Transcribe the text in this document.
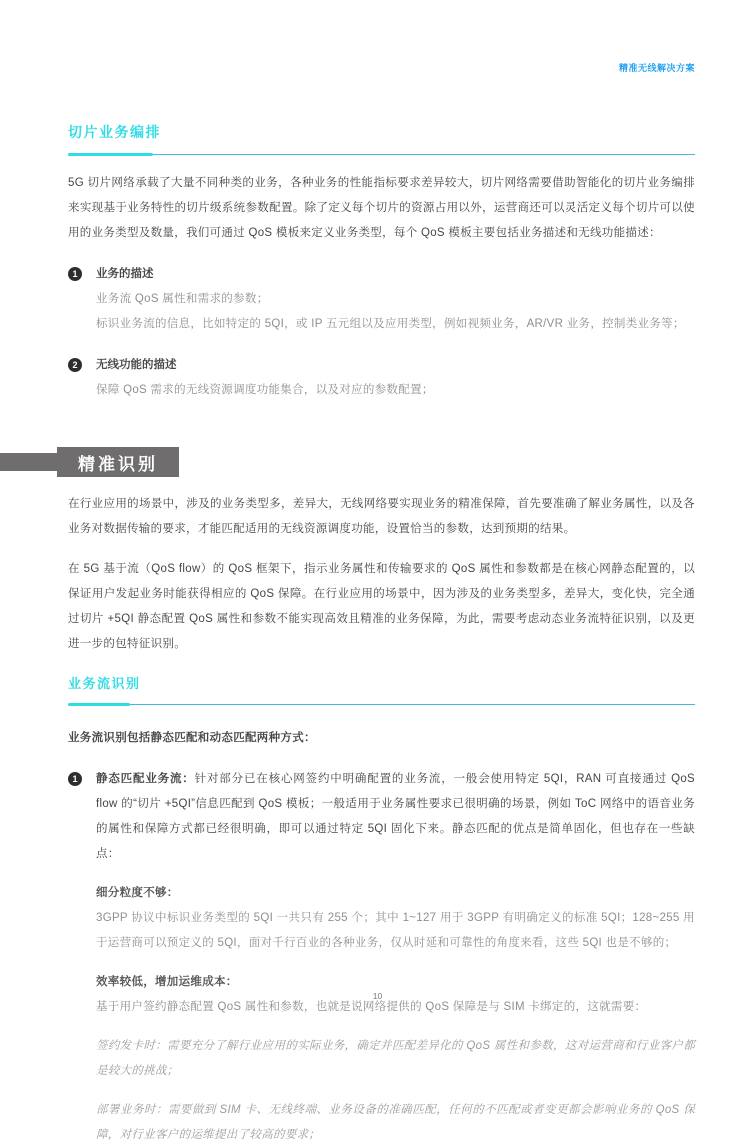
精准无线解决方案
切片业务编排

5G 切片网络承载了大量不同种类的业务，各种业务的性能指标要求差异较大，切片网络需要借助智能化的切片业务编排来实现基于业务特性的切片级系统参数配置。除了定义每个切片的资源占用以外，运营商还可以灵活定义每个切片可以使用的业务类型及数量，我们可通过 QoS 模板来定义业务类型，每个 QoS 模板主要包括业务描述和无线功能描述：

1	业务的描述

业务流 QoS 属性和需求的参数；

标识业务流的信息，比如特定的 5QI，或 IP 五元组以及应用类型，例如视频业务，AR/VR 业务，控制类业务等；

2	无线功能的描述

保障 QoS 需求的无线资源调度功能集合，以及对应的参数配置；

精准识别

在行业应用的场景中，涉及的业务类型多，差异大，无线网络要实现业务的精准保障，首先要准确了解业务属性，以及各业务对数据传输的要求，才能匹配适用的无线资源调度功能，设置恰当的参数，达到预期的结果。

在 5G 基于流（QoS flow）的 QoS 框架下，指示业务属性和传输要求的 QoS 属性和参数都是在核心网静态配置的，以保证用户发起业务时能获得相应的 QoS 保障。在行业应用的场景中，因为涉及的业务类型多，差异大，变化快，完全通过切片 +5QI 静态配置 QoS 属性和参数不能实现高效且精准的业务保障，为此，需要考虑动态业务流特征识别，以及更进一步的包特征识别。

业务流识别

业务流识别包括静态匹配和动态匹配两种方式：

1	静态匹配业务流：针对部分已在核心网签约中明确配置的业务流，一般会使用特定 5QI，RAN 可直接通过 QoS flow 的“切片 +5QI”信息匹配到 QoS 模板；一般适用于业务属性要求已很明确的场景，例如 ToC 网络中的语音业务的属性和保障方式都已经很明确，即可以通过特定 5QI 固化下来。静态匹配的优点是简单固化，但也存在一些缺点：

细分粒度不够：

3GPP 协议中标识业务类型的 5QI 一共只有 255 个；其中 1~127 用于 3GPP 有明确定义的标准 5QI；128~255 用于运营商可以预定义的 5QI，面对千行百业的各种业务，仅从时延和可靠性的角度来看，这些 5QI 也是不够的；

效率较低，增加运维成本：

基于用户签约静态配置 QoS 属性和参数，也就是说网络提供的 QoS 保障是与 SIM 卡绑定的，这就需要：

签约发卡时：需要充分了解行业应用的实际业务，确定并匹配差异化的 QoS 属性和参数，这对运营商和行业客户都是较大的挑战；

部署业务时：需要做到 SIM 卡、无线终端、业务设备的准确匹配，任何的不匹配或者变更都会影响业务的 QoS 保障，对行业客户的运维提出了较高的要求；

10
